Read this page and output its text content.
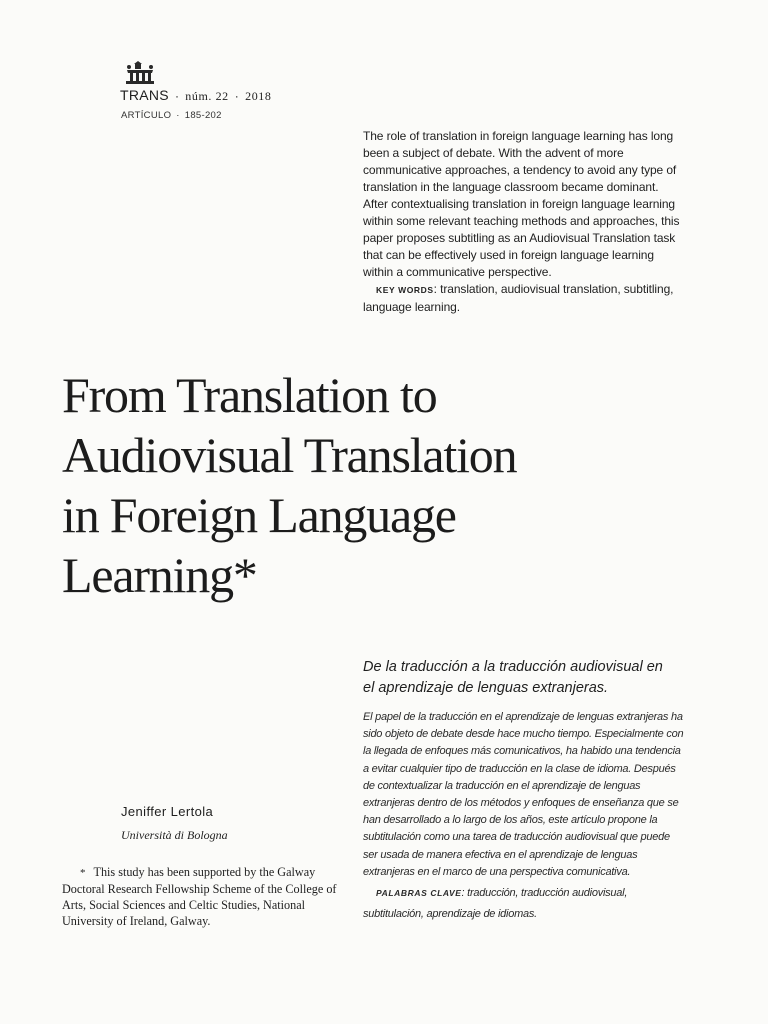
TRANS · núm. 22 · 2018
ARTÍCULO · 185-202

The role of translation in foreign language learning has long been a subject of debate. With the advent of more communicative approaches, a tendency to avoid any type of translation in the language classroom became dominant. After contextualising translation in foreign language learning within some relevant teaching methods and approaches, this paper proposes subtitling as an Audiovisual Translation task that can be effectively used in foreign language learning within a communicative perspective.

KEY WORDS: translation, audiovisual translation, subtitling, language learning.

From Translation to
Audiovisual Translation
in Foreign Language
Learning*
De la traducción a la traducción audiovisual en
el aprendizaje de lenguas extranjeras.

El papel de la traducción en el aprendizaje de lenguas extranjeras ha sido objeto de debate desde hace mucho tiempo. Especialmente con la llegada de enfoques más comunicativos, ha habido una tendencia a evitar cualquier tipo de traducción en la clase de idioma. Después de contextualizar la traducción en el aprendizaje de lenguas extranjeras dentro de los métodos y enfoques de enseñanza que se han desarrollado a lo largo de los años, este artículo propone la subtitulación como una tarea de traducción audiovisual que puede ser usada de manera efectiva en el aprendizaje de lenguas extranjeras en el marco de una perspectiva comunicativa.

PALABRAS CLAVE: traducción, traducción audiovisual, subtitulación, aprendizaje de idiomas.

Jeniffer Lertola
Università di Bologna

* This study has been supported by the Galway Doctoral Research Fellowship Scheme of the College of Arts, Social Sciences and Celtic Studies, National University of Ireland, Galway.
